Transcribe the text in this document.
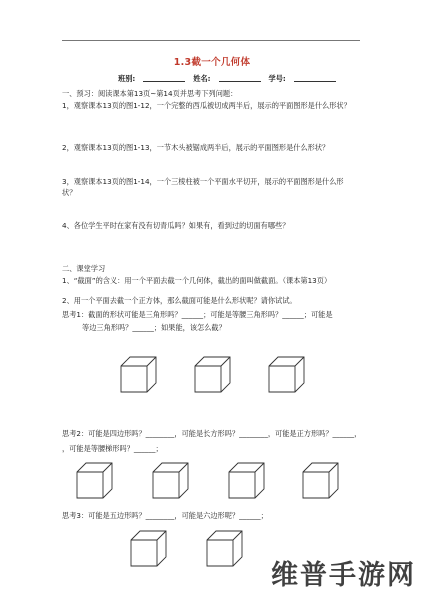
1.3截一个几何体
班别:	姓名:	学号:
一、预习：阅读课本第13页~第14页并思考下列问题：
1，观察课本13页的图1-12，一个完整的西瓜被切成两半后，展示的平面图形是什么形状？
2，观察课本13页的图1-13，一节木头被锯成两半后，展示的平面图形是什么形状？
3，观察课本13页的图1-14，一个三棱柱被一个平面水平切开，展示的平面图形是什么形
状？
4、各位学生平时在家有没有切青瓜吗？如果有，看到过的切面有哪些？
二、课堂学习
1、“截面”的含义：用一个平面去截一个几何体，截出的面叫做截面。（课本第13页）
2、用一个平面去截一个正方体，那么截面可能是什么形状呢？请你试试。
思考1：截面的形状可能是三角形吗？______；可能是等腰三角形吗？______；可能是
等边三角形吗？______；如果能，该怎么截？
思考2：可能是四边形吗？________，可能是长方形吗？________，可能是正方形吗？______，
，可能是等腰梯形吗？______；
思考3：可能是五边形吗？________，可能是六边形呢？______；
维普手游网
